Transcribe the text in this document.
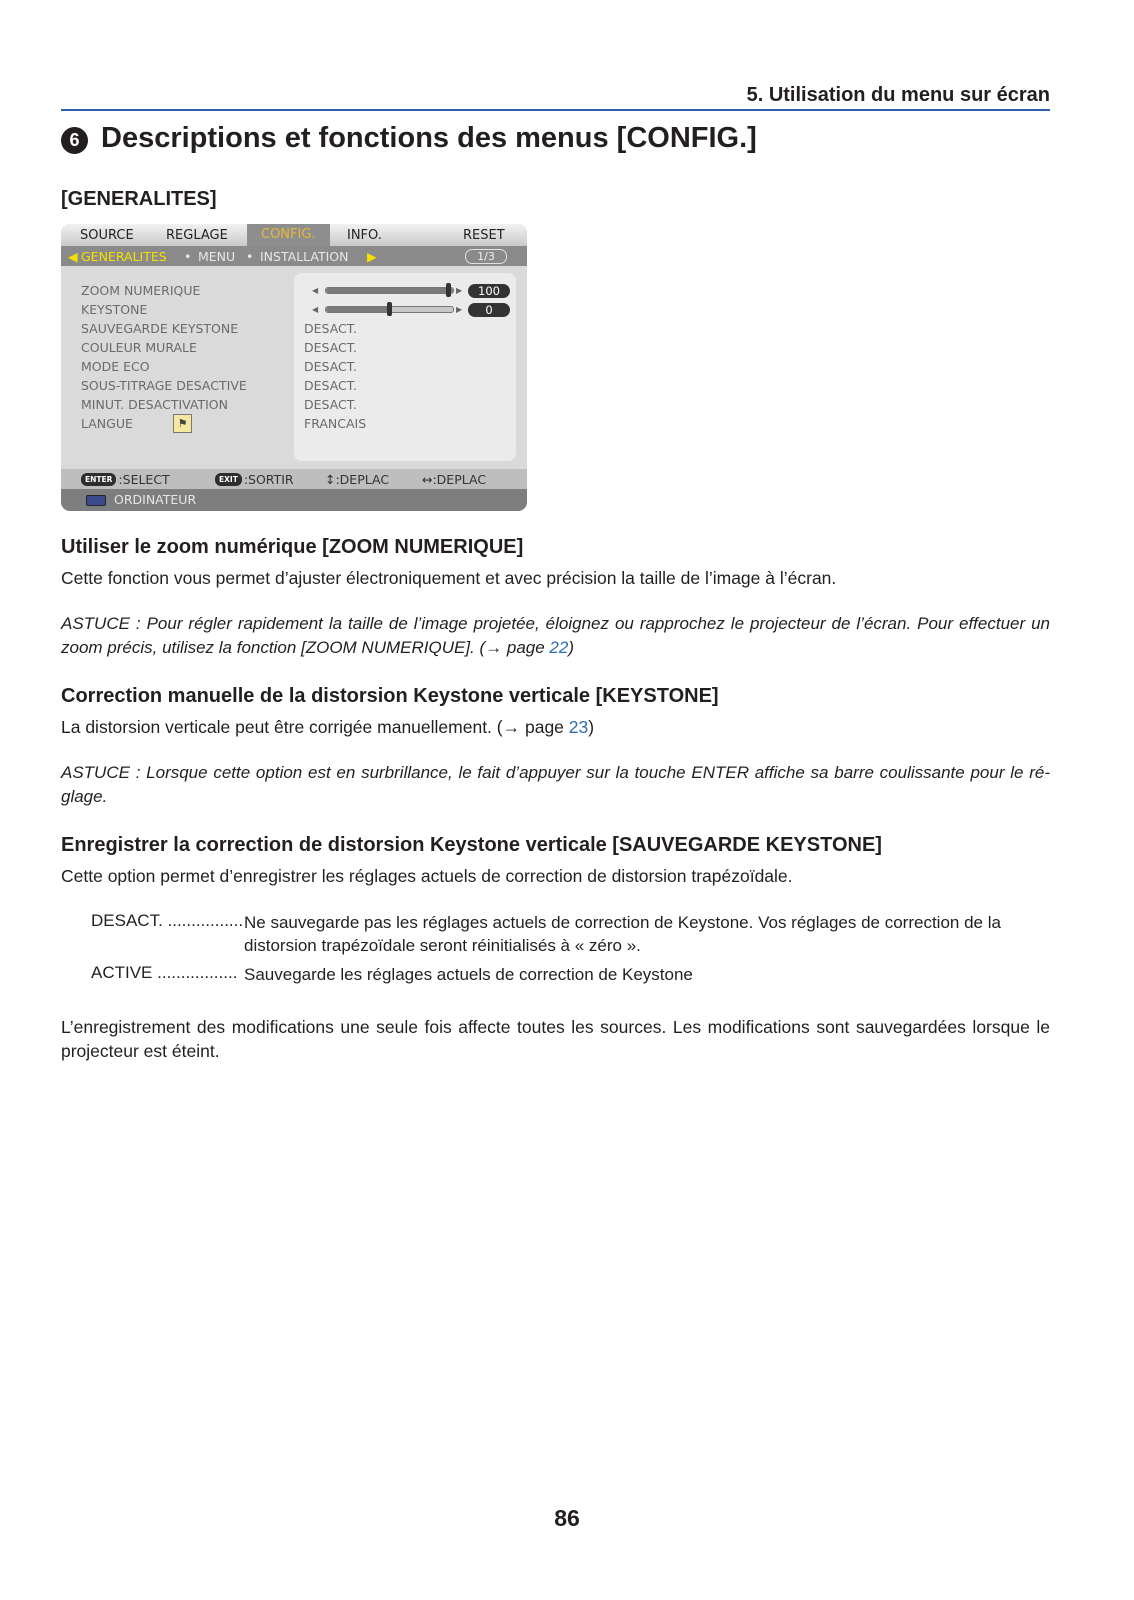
5. Utilisation du menu sur écran
6 Descriptions et fonctions des menus [CONFIG.]
[GENERALITES]
SOURCE REGLAGE	CONFIG.	INFO.	RESET
◀ GENERALITES • MENU • INSTALLATION ▶	1/3
ZOOM NUMERIQUE	◀	▶	100
KEYSTONE	◀	▶	0
SAUVEGARDE KEYSTONE	DESACT.
COULEUR MURALE	DESACT.
MODE ECO	DESACT.
SOUS-TITRAGE DESACTIVE	DESACT.
MINUT. DESACTIVATION	DESACT.
LANGUE	⚑	FRANCAIS
ENTER :SELECT	EXIT :SORTIR	↕:DEPLAC	↔:DEPLAC
ORDINATEUR
Utiliser le zoom numérique [ZOOM NUMERIQUE]
Cette fonction vous permet d’ajuster électroniquement et avec précision la taille de l’image à l’écran.
ASTUCE : Pour régler rapidement la taille de l’image projetée, éloignez ou rapprochez le projecteur de l’écran. Pour effectuer un zoom précis, utilisez la fonction [ZOOM NUMERIQUE]. (→ page 22)
Correction manuelle de la distorsion Keystone verticale [KEYSTONE]
La distorsion verticale peut être corrigée manuellement. (→ page 23)
ASTUCE : Lorsque cette option est en surbrillance, le fait d’appuyer sur la touche ENTER affiche sa barre coulissante pour le ré-glage.
Enregistrer la correction de distorsion Keystone verticale [SAUVEGARDE KEYSTONE]
Cette option permet d’enregistrer les réglages actuels de correction de distorsion trapézoïdale.
DESACT. ................ Ne sauvegarde pas les réglages actuels de correction de Keystone. Vos réglages de correction de la distorsion trapézoïdale seront réinitialisés à « zéro ».
ACTIVE ................. Sauvegarde les réglages actuels de correction de Keystone
L’enregistrement des modifications une seule fois affecte toutes les sources. Les modifications sont sauvegardées lorsque le projecteur est éteint.
86
